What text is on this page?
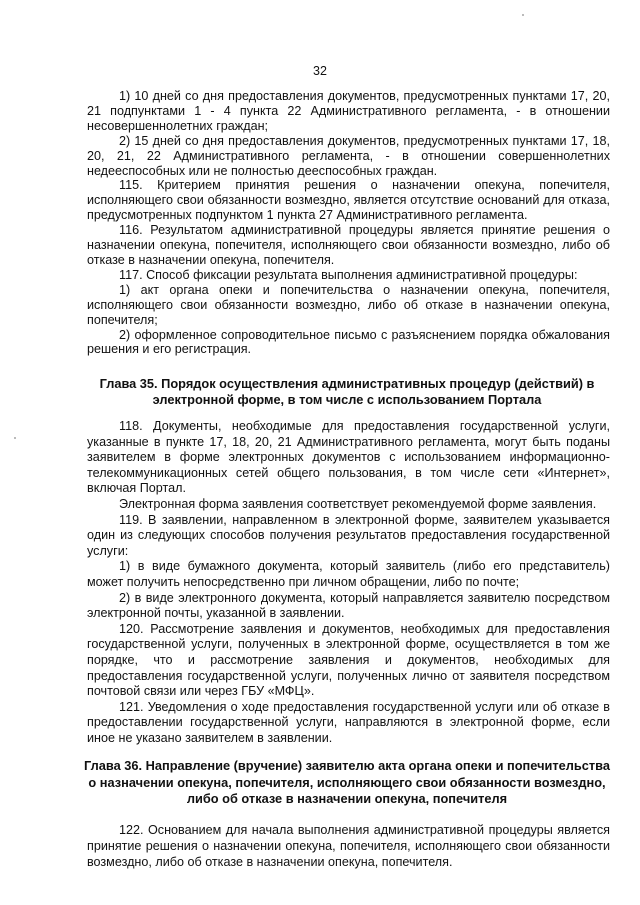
32

1) 10 дней со дня предоставления документов, предусмотренных пунктами 17, 20, 21 подпунктами 1 - 4 пункта 22 Административного регламента, - в отношении несовершеннолетних граждан;

2) 15 дней со дня предоставления документов, предусмотренных пунктами 17, 18, 20, 21, 22 Административного регламента, - в отношении совершеннолетних недееспособных или не полностью дееспособных граждан.

115. Критерием принятия решения о назначении опекуна, попечителя, исполняющего свои обязанности возмездно, является отсутствие оснований для отказа, предусмотренных подпунктом 1 пункта 27 Административного регламента.

116. Результатом административной процедуры является принятие решения о назначении опекуна, попечителя, исполняющего свои обязанности возмездно, либо об отказе в назначении опекуна, попечителя.

117. Способ фиксации результата выполнения административной процедуры:

1) акт органа опеки и попечительства о назначении опекуна, попечителя, исполняющего свои обязанности возмездно, либо об отказе в назначении опекуна, попечителя;

2) оформленное сопроводительное письмо с разъяснением порядка обжалования решения и его регистрация.

Глава 35. Порядок осуществления административных процедур (действий) в
электронной форме, в том числе с использованием Портала

118. Документы, необходимые для предоставления государственной услуги, указанные в пункте 17, 18, 20, 21 Административного регламента, могут быть поданы заявителем в форме электронных документов с использованием информационно-телекоммуникационных сетей общего пользования, в том числе сети «Интернет», включая Портал.

Электронная форма заявления соответствует рекомендуемой форме заявления.

119. В заявлении, направленном в электронной форме, заявителем указывается один из следующих способов получения результатов предоставления государственной услуги:

1) в виде бумажного документа, который заявитель (либо его представитель) может получить непосредственно при личном обращении, либо по почте;

2) в виде электронного документа, который направляется заявителю посредством электронной почты, указанной в заявлении.

120. Рассмотрение заявления и документов, необходимых для предоставления государственной услуги, полученных в электронной форме, осуществляется в том же порядке, что и рассмотрение заявления и документов, необходимых для предоставления государственной услуги, полученных лично от заявителя посредством почтовой связи или через ГБУ «МФЦ».

121. Уведомления о ходе предоставления государственной услуги или об отказе в предоставлении государственной услуги, направляются в электронной форме, если иное не указано заявителем в заявлении.

Глава 36. Направление (вручение) заявителю акта органа опеки и попечительства
о назначении опекуна, попечителя, исполняющего свои обязанности возмездно,
либо об отказе в назначении опекуна, попечителя

122. Основанием для начала выполнения административной процедуры является принятие решения о назначении опекуна, попечителя, исполняющего свои обязанности возмездно, либо об отказе в назначении опекуна, попечителя.
